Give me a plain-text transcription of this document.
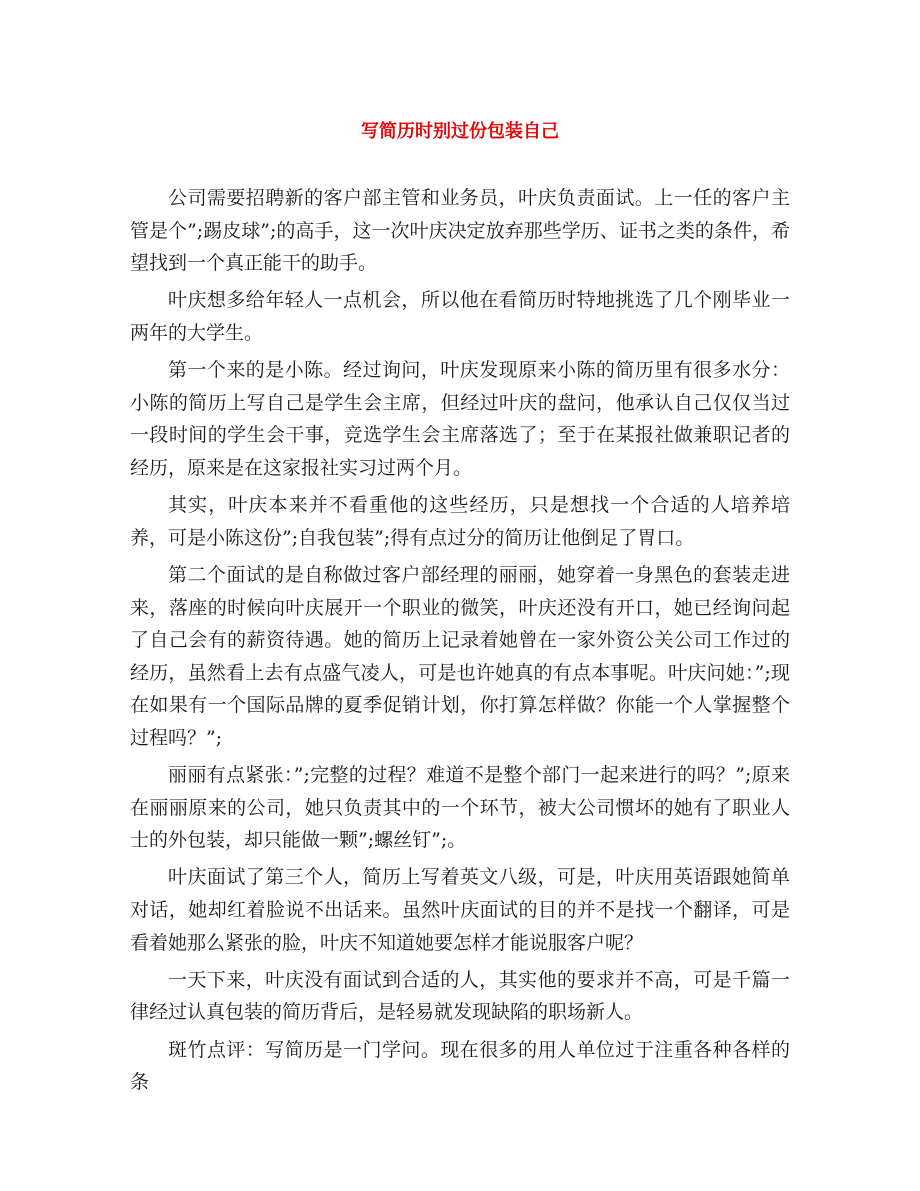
写简历时别过份包装自己

公司需要招聘新的客户部主管和业务员，叶庆负责面试。上一任的客户主管是个”;踢皮球”;的高手，这一次叶庆决定放弃那些学历、证书之类的条件，希望找到一个真正能干的助手。

叶庆想多给年轻人一点机会，所以他在看简历时特地挑选了几个刚毕业一两年的大学生。

第一个来的是小陈。经过询问，叶庆发现原来小陈的简历里有很多水分：小陈的简历上写自己是学生会主席，但经过叶庆的盘问，他承认自己仅仅当过一段时间的学生会干事，竞选学生会主席落选了；至于在某报社做兼职记者的经历，原来是在这家报社实习过两个月。

其实，叶庆本来并不看重他的这些经历，只是想找一个合适的人培养培养，可是小陈这份”;自我包装”;得有点过分的简历让他倒足了胃口。

第二个面试的是自称做过客户部经理的丽丽，她穿着一身黑色的套装走进来，落座的时候向叶庆展开一个职业的微笑，叶庆还没有开口，她已经询问起了自己会有的薪资待遇。她的简历上记录着她曾在一家外资公关公司工作过的经历，虽然看上去有点盛气凌人，可是也许她真的有点本事呢。叶庆问她：”;现在如果有一个国际品牌的夏季促销计划，你打算怎样做？你能一个人掌握整个过程吗？”;

丽丽有点紧张：”;完整的过程？难道不是整个部门一起来进行的吗？”;原来在丽丽原来的公司，她只负责其中的一个环节，被大公司惯坏的她有了职业人士的外包装，却只能做一颗”;螺丝钉”;。

叶庆面试了第三个人，简历上写着英文八级，可是，叶庆用英语跟她简单对话，她却红着脸说不出话来。虽然叶庆面试的目的并不是找一个翻译，可是看着她那么紧张的脸，叶庆不知道她要怎样才能说服客户呢？

一天下来，叶庆没有面试到合适的人，其实他的要求并不高，可是千篇一律经过认真包装的简历背后，是轻易就发现缺陷的职场新人。

斑竹点评：写简历是一门学问。现在很多的用人单位过于注重各种各样的条
